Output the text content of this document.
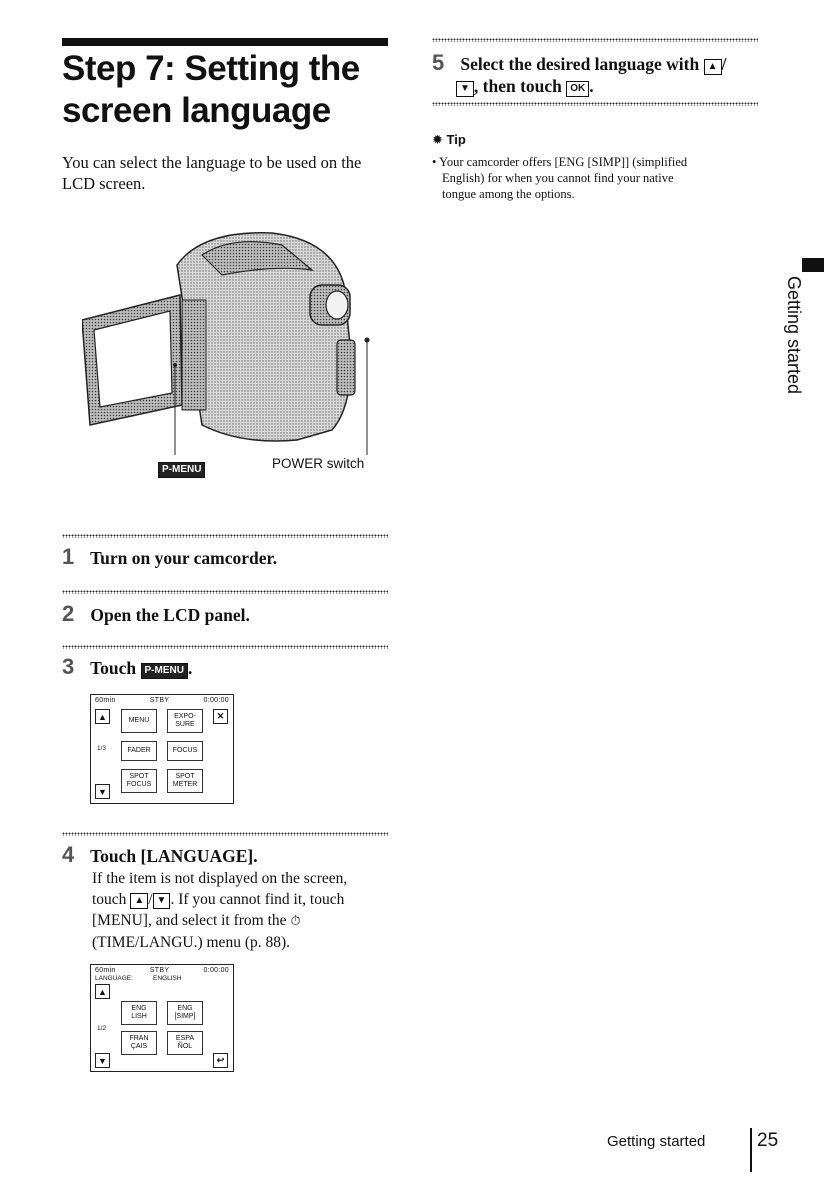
Step 7: Setting the
screen language
You can select the language to be used on the LCD screen.
P-MENU	POWER switch
1 Turn on your camcorder.
2 Open the LCD panel.
3 Touch P-MENU .
60min	STBY	0:00:00
▲	✕
▼
1/3
MENU
EXPO-
SURE
FADER	FOCUS
SPOT
FOCUS
SPOT
METER
4 Touch [LANGUAGE].
If the item is not displayed on the screen,
touch ▲ / ▼ . If you cannot find it, touch
[MENU], and select it from the ⏱
(TIME/LANGU.) menu (p. 88).
60min	STBY	0:00:00
LANGUAGE:	ENGLISH
▲
▼	↩
1/2
ENG
LISH
ENG
[SIMP]
FRAN
ÇAIS
ESPA
ÑOL
5 Select the desired language with ▲ /
▼ , then touch OK .
✹ Tip
• Your camcorder offers [ENG [SIMP]] (simplified
English) for when you cannot find your native
tongue among the options.
Getting started
Getting started	25
